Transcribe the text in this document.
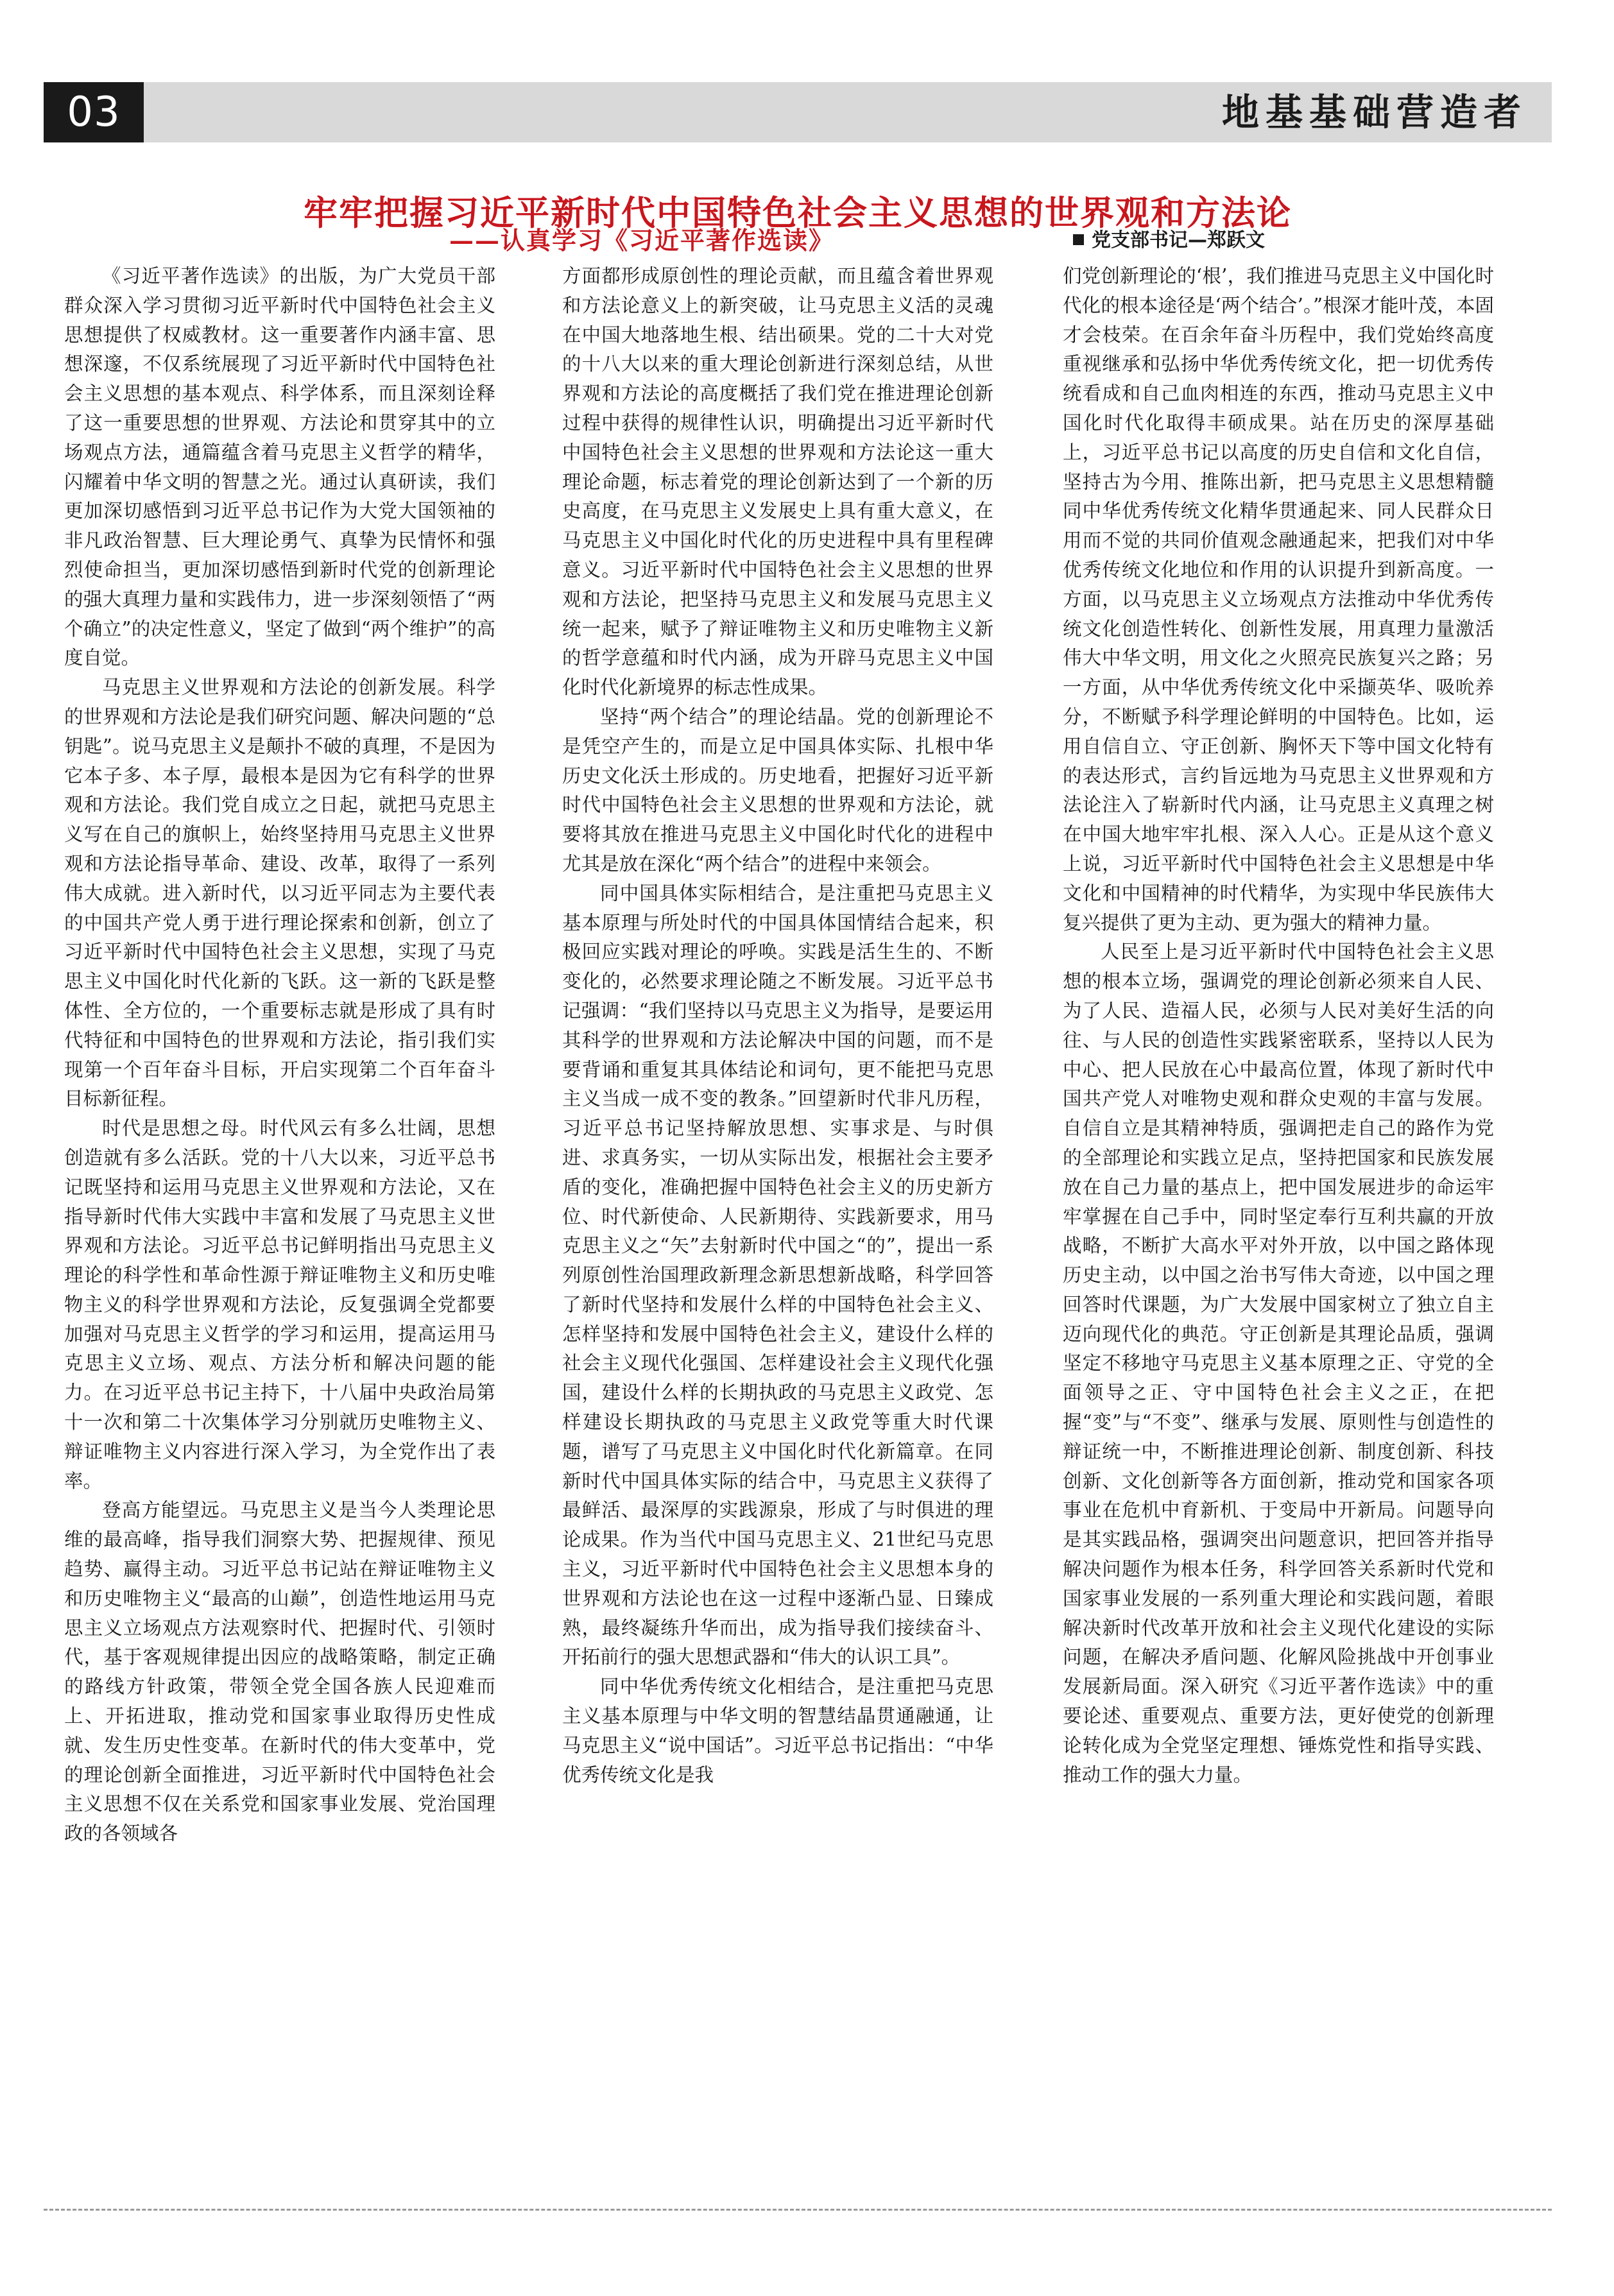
03	地基基础营造者
牢牢把握习近平新时代中国特色社会主义思想的世界观和方法论
——认真学习《习近平著作选读》	党支部书记—郑跃文

《习近平著作选读》的出版，为广大党员干部群众深入学习贯彻习近平新时代中国特色社会主义思想提供了权威教材。这一重要著作内涵丰富、思想深邃，不仅系统展现了习近平新时代中国特色社会主义思想的基本观点、科学体系，而且深刻诠释了这一重要思想的世界观、方法论和贯穿其中的立场观点方法，通篇蕴含着马克思主义哲学的精华，闪耀着中华文明的智慧之光。通过认真研读，我们更加深切感悟到习近平总书记作为大党大国领袖的非凡政治智慧、巨大理论勇气、真挚为民情怀和强烈使命担当，更加深切感悟到新时代党的创新理论的强大真理力量和实践伟力，进一步深刻领悟了“两个确立”的决定性意义，坚定了做到“两个维护”的高度自觉。

马克思主义世界观和方法论的创新发展。科学的世界观和方法论是我们研究问题、解决问题的“总钥匙”。说马克思主义是颠扑不破的真理，不是因为它本子多、本子厚，最根本是因为它有科学的世界观和方法论。我们党自成立之日起，就把马克思主义写在自己的旗帜上，始终坚持用马克思主义世界观和方法论指导革命、建设、改革，取得了一系列伟大成就。进入新时代，以习近平同志为主要代表的中国共产党人勇于进行理论探索和创新，创立了习近平新时代中国特色社会主义思想，实现了马克思主义中国化时代化新的飞跃。这一新的飞跃是整体性、全方位的，一个重要标志就是形成了具有时代特征和中国特色的世界观和方法论，指引我们实现第一个百年奋斗目标，开启实现第二个百年奋斗目标新征程。

时代是思想之母。时代风云有多么壮阔，思想创造就有多么活跃。党的十八大以来，习近平总书记既坚持和运用马克思主义世界观和方法论，又在指导新时代伟大实践中丰富和发展了马克思主义世界观和方法论。习近平总书记鲜明指出马克思主义理论的科学性和革命性源于辩证唯物主义和历史唯物主义的科学世界观和方法论，反复强调全党都要加强对马克思主义哲学的学习和运用，提高运用马克思主义立场、观点、方法分析和解决问题的能力。在习近平总书记主持下，十八届中央政治局第十一次和第二十次集体学习分别就历史唯物主义、辩证唯物主义内容进行深入学习，为全党作出了表率。

登高方能望远。马克思主义是当今人类理论思维的最高峰，指导我们洞察大势、把握规律、预见趋势、赢得主动。习近平总书记站在辩证唯物主义和历史唯物主义“最高的山巅”，创造性地运用马克思主义立场观点方法观察时代、把握时代、引领时代，基于客观规律提出因应的战略策略，制定正确的路线方针政策，带领全党全国各族人民迎难而上、开拓进取，推动党和国家事业取得历史性成就、发生历史性变革。在新时代的伟大变革中，党的理论创新全面推进，习近平新时代中国特色社会主义思想不仅在关系党和国家事业发展、党治国理政的各领域各

方面都形成原创性的理论贡献，而且蕴含着世界观和方法论意义上的新突破，让马克思主义活的灵魂在中国大地落地生根、结出硕果。党的二十大对党的十八大以来的重大理论创新进行深刻总结，从世界观和方法论的高度概括了我们党在推进理论创新过程中获得的规律性认识，明确提出习近平新时代中国特色社会主义思想的世界观和方法论这一重大理论命题，标志着党的理论创新达到了一个新的历史高度，在马克思主义发展史上具有重大意义，在马克思主义中国化时代化的历史进程中具有里程碑意义。习近平新时代中国特色社会主义思想的世界观和方法论，把坚持马克思主义和发展马克思主义统一起来，赋予了辩证唯物主义和历史唯物主义新的哲学意蕴和时代内涵，成为开辟马克思主义中国化时代化新境界的标志性成果。

坚持“两个结合”的理论结晶。党的创新理论不是凭空产生的，而是立足中国具体实际、扎根中华历史文化沃土形成的。历史地看，把握好习近平新时代中国特色社会主义思想的世界观和方法论，就要将其放在推进马克思主义中国化时代化的进程中尤其是放在深化“两个结合”的进程中来领会。

同中国具体实际相结合，是注重把马克思主义基本原理与所处时代的中国具体国情结合起来，积极回应实践对理论的呼唤。实践是活生生的、不断变化的，必然要求理论随之不断发展。习近平总书记强调：“我们坚持以马克思主义为指导，是要运用其科学的世界观和方法论解决中国的问题，而不是要背诵和重复其具体结论和词句，更不能把马克思主义当成一成不变的教条。”回望新时代非凡历程，习近平总书记坚持解放思想、实事求是、与时俱进、求真务实，一切从实际出发，根据社会主要矛盾的变化，准确把握中国特色社会主义的历史新方位、时代新使命、人民新期待、实践新要求，用马克思主义之“矢”去射新时代中国之“的”，提出一系列原创性治国理政新理念新思想新战略，科学回答了新时代坚持和发展什么样的中国特色社会主义、怎样坚持和发展中国特色社会主义，建设什么样的社会主义现代化强国、怎样建设社会主义现代化强国，建设什么样的长期执政的马克思主义政党、怎样建设长期执政的马克思主义政党等重大时代课题，谱写了马克思主义中国化时代化新篇章。在同新时代中国具体实际的结合中，马克思主义获得了最鲜活、最深厚的实践源泉，形成了与时俱进的理论成果。作为当代中国马克思主义、21世纪马克思主义，习近平新时代中国特色社会主义思想本身的世界观和方法论也在这一过程中逐渐凸显、日臻成熟，最终凝练升华而出，成为指导我们接续奋斗、开拓前行的强大思想武器和“伟大的认识工具”。

同中华优秀传统文化相结合，是注重把马克思主义基本原理与中华文明的智慧结晶贯通融通，让马克思主义“说中国话”。习近平总书记指出：“中华优秀传统文化是我

们党创新理论的‘根’，我们推进马克思主义中国化时代化的根本途径是‘两个结合’。”根深才能叶茂，本固才会枝荣。在百余年奋斗历程中，我们党始终高度重视继承和弘扬中华优秀传统文化，把一切优秀传统看成和自己血肉相连的东西，推动马克思主义中国化时代化取得丰硕成果。站在历史的深厚基础上，习近平总书记以高度的历史自信和文化自信，坚持古为今用、推陈出新，把马克思主义思想精髓同中华优秀传统文化精华贯通起来、同人民群众日用而不觉的共同价值观念融通起来，把我们对中华优秀传统文化地位和作用的认识提升到新高度。一方面，以马克思主义立场观点方法推动中华优秀传统文化创造性转化、创新性发展，用真理力量激活伟大中华文明，用文化之火照亮民族复兴之路；另一方面，从中华优秀传统文化中采撷英华、吸吮养分，不断赋予科学理论鲜明的中国特色。比如，运用自信自立、守正创新、胸怀天下等中国文化特有的表达形式，言约旨远地为马克思主义世界观和方法论注入了崭新时代内涵，让马克思主义真理之树在中国大地牢牢扎根、深入人心。正是从这个意义上说，习近平新时代中国特色社会主义思想是中华文化和中国精神的时代精华，为实现中华民族伟大复兴提供了更为主动、更为强大的精神力量。

人民至上是习近平新时代中国特色社会主义思想的根本立场，强调党的理论创新必须来自人民、为了人民、造福人民，必须与人民对美好生活的向往、与人民的创造性实践紧密联系，坚持以人民为中心、把人民放在心中最高位置，体现了新时代中国共产党人对唯物史观和群众史观的丰富与发展。自信自立是其精神特质，强调把走自己的路作为党的全部理论和实践立足点，坚持把国家和民族发展放在自己力量的基点上，把中国发展进步的命运牢牢掌握在自己手中，同时坚定奉行互利共赢的开放战略，不断扩大高水平对外开放，以中国之路体现历史主动，以中国之治书写伟大奇迹，以中国之理回答时代课题，为广大发展中国家树立了独立自主迈向现代化的典范。守正创新是其理论品质，强调坚定不移地守马克思主义基本原理之正、守党的全面领导之正、守中国特色社会主义之正，在把握“变”与“不变”、继承与发展、原则性与创造性的辩证统一中，不断推进理论创新、制度创新、科技创新、文化创新等各方面创新，推动党和国家各项事业在危机中育新机、于变局中开新局。问题导向是其实践品格，强调突出问题意识，把回答并指导解决问题作为根本任务，科学回答关系新时代党和国家事业发展的一系列重大理论和实践问题，着眼解决新时代改革开放和社会主义现代化建设的实际问题，在解决矛盾问题、化解风险挑战中开创事业发展新局面。深入研究《习近平著作选读》中的重要论述、重要观点、重要方法，更好使党的创新理论转化成为全党坚定理想、锤炼党性和指导实践、推动工作的强大力量。
